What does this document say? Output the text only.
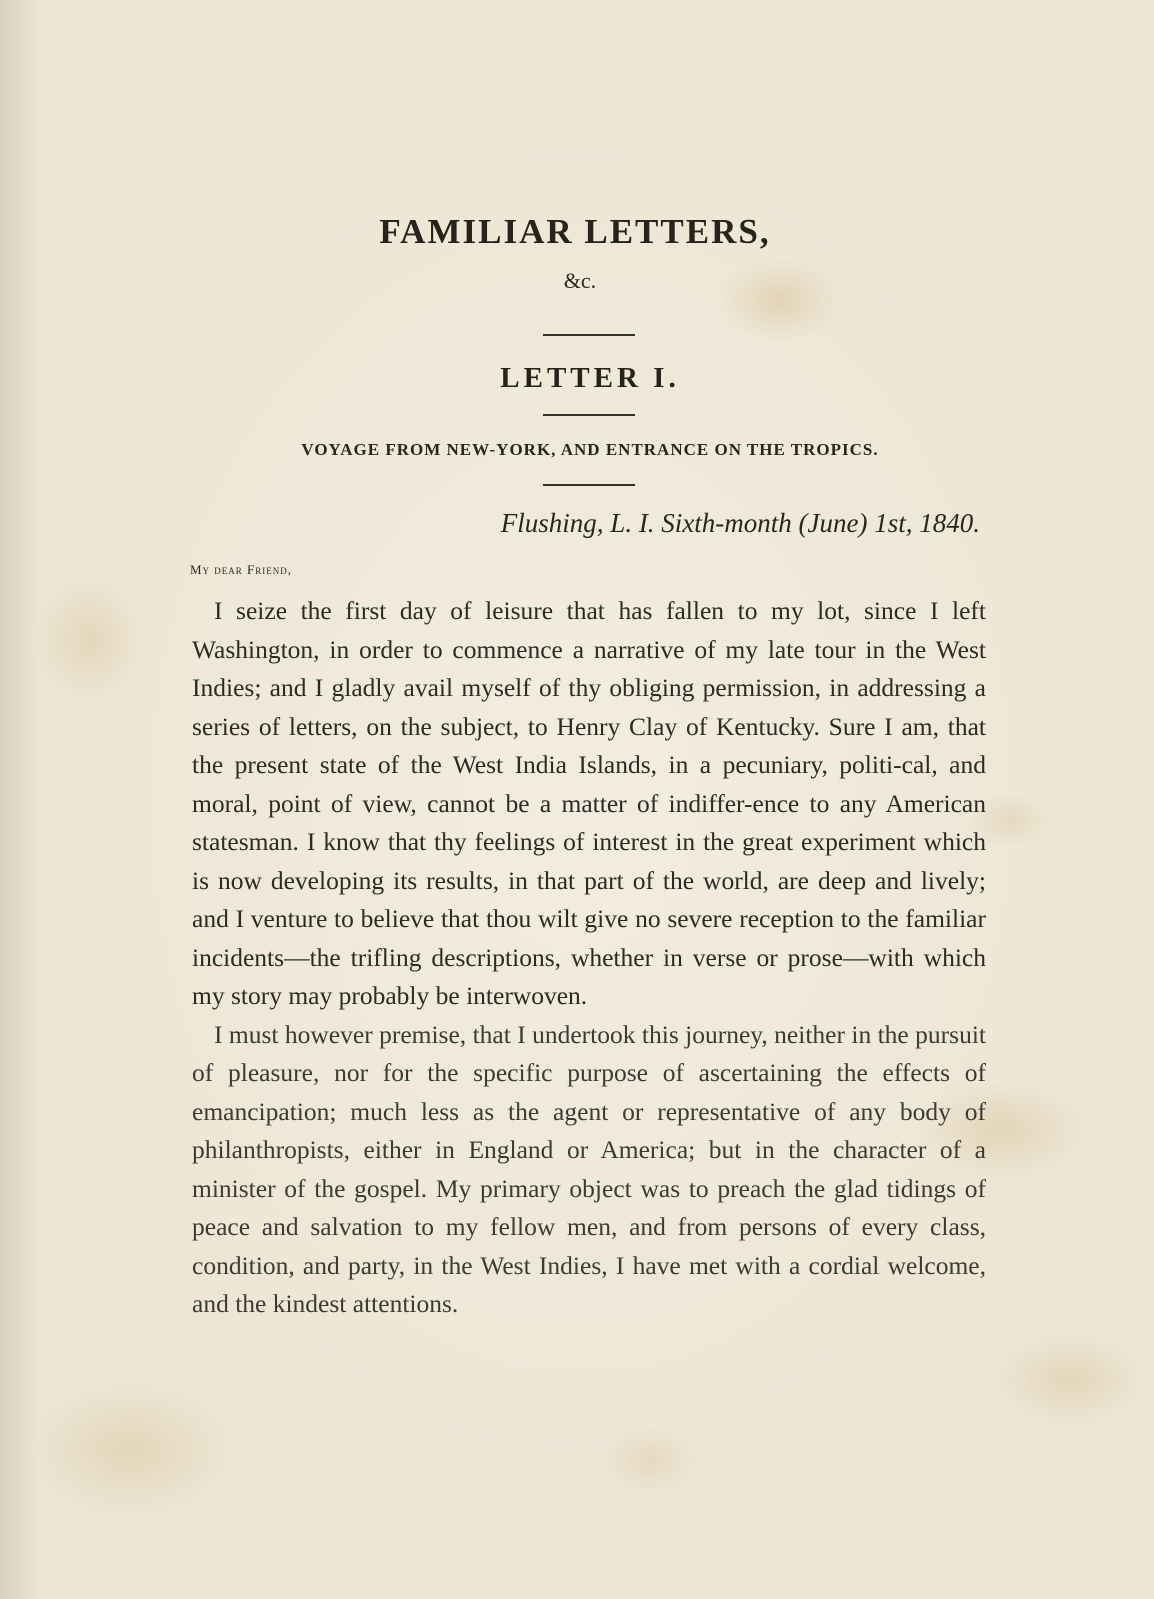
FAMILIAR LETTERS,
&c.
LETTER I.
VOYAGE FROM NEW-YORK, AND ENTRANCE ON THE TROPICS.
Flushing, L. I. Sixth-month (June) 1st, 1840.
My dear Friend,

I seize the first day of leisure that has fallen to my lot, since I left Washington, in order to commence a narrative of my late tour in the West Indies; and I gladly avail myself of thy obliging permission, in addressing a series of letters, on the subject, to Henry Clay of Kentucky. Sure I am, that the present state of the West India Islands, in a pecuniary, politi-cal, and moral, point of view, cannot be a matter of indiffer-ence to any American statesman. I know that thy feelings of interest in the great experiment which is now developing its results, in that part of the world, are deep and lively; and I venture to believe that thou wilt give no severe reception to the familiar incidents—the trifling descriptions, whether in verse or prose—with which my story may probably be interwoven.

I must however premise, that I undertook this journey, neither in the pursuit of pleasure, nor for the specific purpose of ascertaining the effects of emancipation; much less as the agent or representative of any body of philanthropists, either in England or America; but in the character of a minister of the gospel. My primary object was to preach the glad tidings of peace and salvation to my fellow men, and from persons of every class, condition, and party, in the West Indies, I have met with a cordial welcome, and the kindest attentions.
